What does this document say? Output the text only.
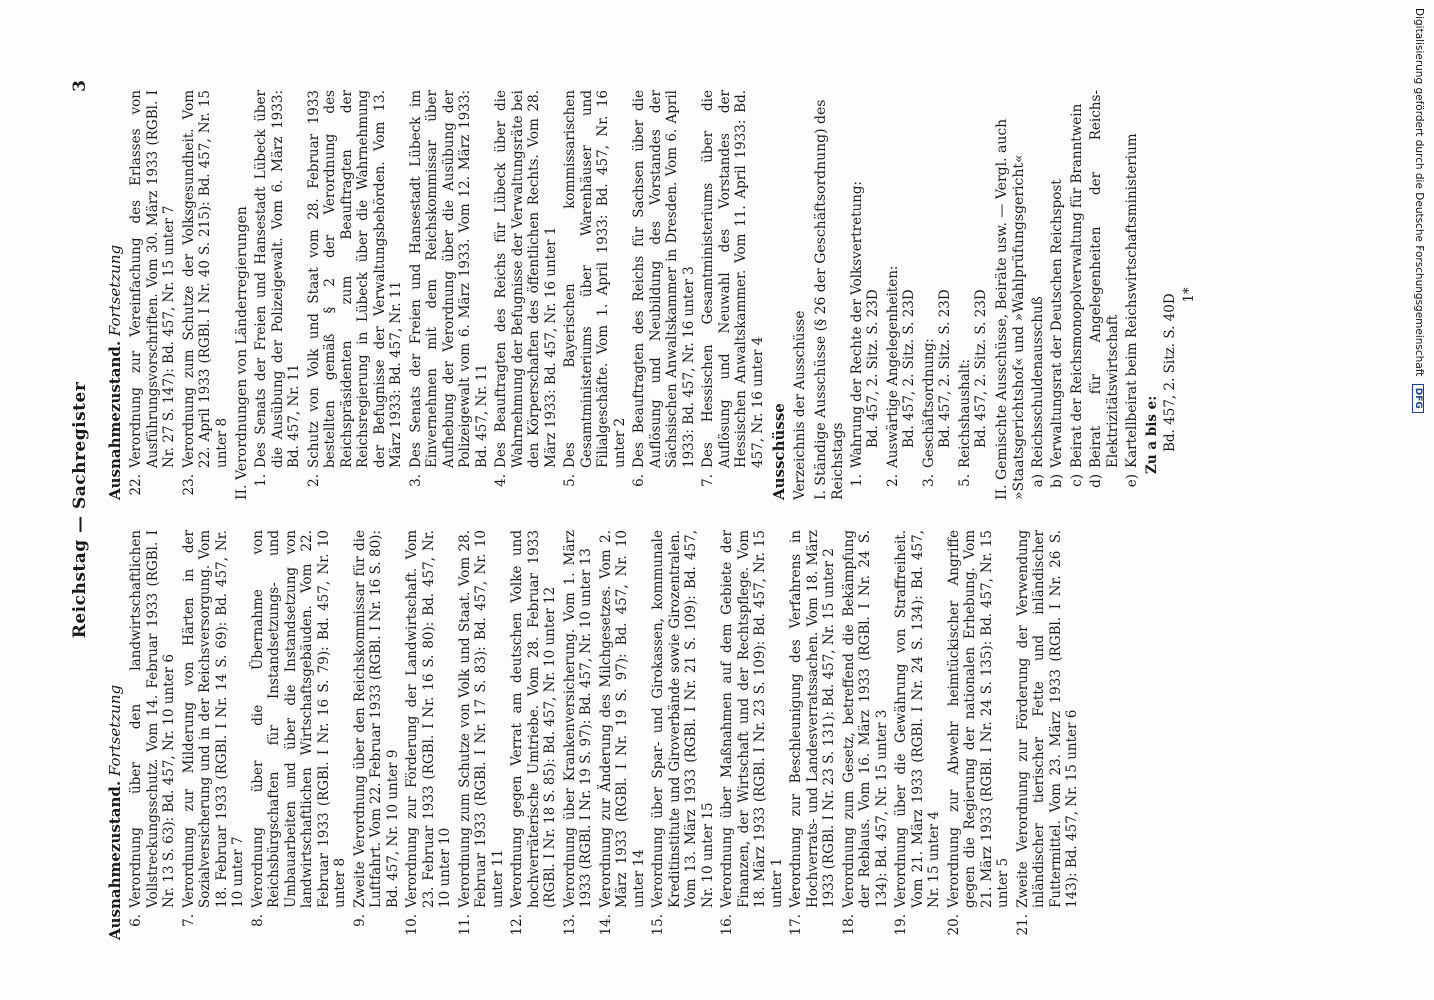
Reichstag — Sachregister
3
Ausnahmezustand. Fortsetzung
6.
Verordnung über den landwirtschaftlichen Vollstreckungsschutz. Vom 14. Februar 1933 (RGBl. I Nr. 13 S. 63): Bd. 457, Nr. 10 unter 6
7.
Verordnung zur Milderung von Härten in der Sozialversicherung und in der Reichsversorgung. Vom 18. Februar 1933 (RGBl. I Nr. 14 S. 69): Bd. 457, Nr. 10 unter 7
8.
Verordnung über die Übernahme von Reichsbürgschaften für Instandsetzungs- und Umbauarbeiten und über die Instandsetzung von landwirtschaftlichen Wirtschaftsgebäuden. Vom 22. Februar 1933 (RGBl. I Nr. 16 S. 79): Bd. 457, Nr. 10 unter 8
9.
Zweite Verordnung über den Reichskommissar für die Luftfahrt. Vom 22. Februar 1933 (RGBl. I Nr. 16 S. 80): Bd. 457, Nr. 10 unter 9
10.
Verordnung zur Förderung der Landwirtschaft. Vom 23. Februar 1933 (RGBl. I Nr. 16 S. 80): Bd. 457, Nr. 10 unter 10
11.
Verordnung zum Schutze von Volk und Staat. Vom 28. Februar 1933 (RGBl. I Nr. 17 S. 83): Bd. 457, Nr. 10 unter 11
12.
Verordnung gegen Verrat am deutschen Volke und hochverräterische Umtriebe. Vom 28. Februar 1933 (RGBl. I Nr. 18 S. 85): Bd. 457, Nr. 10 unter 12
13.
Verordnung über Krankenversicherung. Vom 1. März 1933 (RGBl. I Nr. 19 S. 97): Bd. 457, Nr. 10 unter 13
14.
Verordnung zur Änderung des Milchgesetzes. Vom 2. März 1933 (RGBl. I Nr. 19 S. 97): Bd. 457, Nr. 10 unter 14
15.
Verordnung über Spar- und Girokassen, kommunale Kreditinstitute und Giroverbände sowie Girozentralen. Vom 13. März 1933 (RGBl. I Nr. 21 S. 109): Bd. 457, Nr. 10 unter 15
16.
Verordnung über Maßnahmen auf dem Gebiete der Finanzen, der Wirtschaft und der Rechtspflege. Vom 18. März 1933 (RGBl. I Nr. 23 S. 109): Bd. 457, Nr. 15 unter 1
17.
Verordnung zur Beschleunigung des Verfahrens in Hochverrats- und Landesverratssachen. Vom 18. März 1933 (RGBl. I Nr. 23 S. 131): Bd. 457, Nr. 15 unter 2
18.
Verordnung zum Gesetz, betreffend die Bekämpfung der Reblaus. Vom 16. März 1933 (RGBl. I Nr. 24 S. 134): Bd. 457, Nr. 15 unter 3
19.
Verordnung über die Gewährung von Straffreiheit. Vom 21. März 1933 (RGBl. I Nr. 24 S. 134): Bd. 457, Nr. 15 unter 4
20.
Verordnung zur Abwehr heimtückischer Angriffe gegen die Regierung der nationalen Erhebung. Vom 21. März 1933 (RGBl. I Nr. 24 S. 135): Bd. 457, Nr. 15 unter 5
21.
Zweite Verordnung zur Förderung der Verwendung inländischer tierischer Fette und inländischer Futtermittel. Vom 23. März 1933 (RGBl. I Nr. 26 S. 143): Bd. 457, Nr. 15 unter 6
Ausnahmezustand. Fortsetzung
22.
Verordnung zur Vereinfachung des Erlasses von Ausführungsvorschriften. Vom 30. März 1933 (RGBl. I Nr. 27 S. 147): Bd. 457, Nr. 15 unter 7
23.
Verordnung zum Schutze der Volksgesundheit. Vom 22. April 1933 (RGBl. I Nr. 40 S. 215): Bd. 457, Nr. 15 unter 8 II. Verordnungen von Länderregierungen 1.
Des Senats der Freien und Hansestadt Lübeck über die Ausübung der Polizeigewalt. Vom 6. März 1933: Bd. 457, Nr. 11
2.
Schutz von Volk und Staat vom 28. Februar 1933 bestellten gemäß § 2 der Verordnung des Reichspräsidenten zum Beauftragten der Reichsregierung in Lübeck über die Wahrnehmung der Befugnisse der Verwaltungsbehörden. Vom 13. März 1933: Bd. 457, Nr. 11
3.
Des Senats der Freien und Hansestadt Lübeck im Einvernehmen mit dem Reichskommissar über Aufhebung der Verordnung über die Ausübung der Polizeigewalt vom 6. März 1933. Vom 12. März 1933: Bd. 457, Nr. 11
4.
Des Beauftragten des Reichs für Lübeck über die Wahrnehmung der Befugnisse der Verwaltungsräte bei den Körperschaften des öffentlichen Rechts. Vom 28. März 1933: Bd. 457, Nr. 16 unter 1
5.
Des Bayerischen kommissarischen Gesamtministeriums über Warenhäuser und Filialgeschäfte. Vom 1. April 1933: Bd. 457, Nr. 16 unter 2
6.
Des Beauftragten des Reichs für Sachsen über die Auflösung und Neubildung des Vorstandes der Sächsischen Anwaltskammer in Dresden. Vom 6. April 1933: Bd. 457, Nr. 16 unter 3
7.
Des Hessischen Gesamtministeriums über die Auflösung und Neuwahl des Vorstandes der Hessischen Anwaltskammer. Vom 11. April 1933: Bd. 457, Nr. 16 unter 4 Ausschüsse Verzeichnis der Ausschüsse I. Ständige Ausschüsse (§ 26 der Geschäftsordnung) des Reichstags 1.
Wahrung der Rechte der Volksvertretung: Bd. 457, 2. Sitz. S. 23D
2.
Auswärtige Angelegenheiten: Bd. 457, 2. Sitz. S. 23D
3.
Geschäftsordnung: Bd. 457, 2. Sitz. S. 23D
5.
Reichshaushalt: Bd. 457, 2. Sitz. S. 23D II. Gemischte Ausschüsse, Beiräte usw. — Vergl. auch »Staatsgerichtshof« und »Wahlprüfungsgericht« a)
Reichsschuldenausschuß
b)
Verwaltungsrat der Deutschen Reichspost
c)
Beirat der Reichsmonopolverwaltung für Branntwein
d)
Beirat für Angelegenheiten der Reichs-Elektrizitätswirtschaft
e)
Kartellbeirat beim Reichswirtschaftsministerium Zu a bis e: Bd. 457, 2. Sitz. S. 40D 1*	Digitalisierung gefördert durch die Deutsche Forschungsgemeinschaft DFG
